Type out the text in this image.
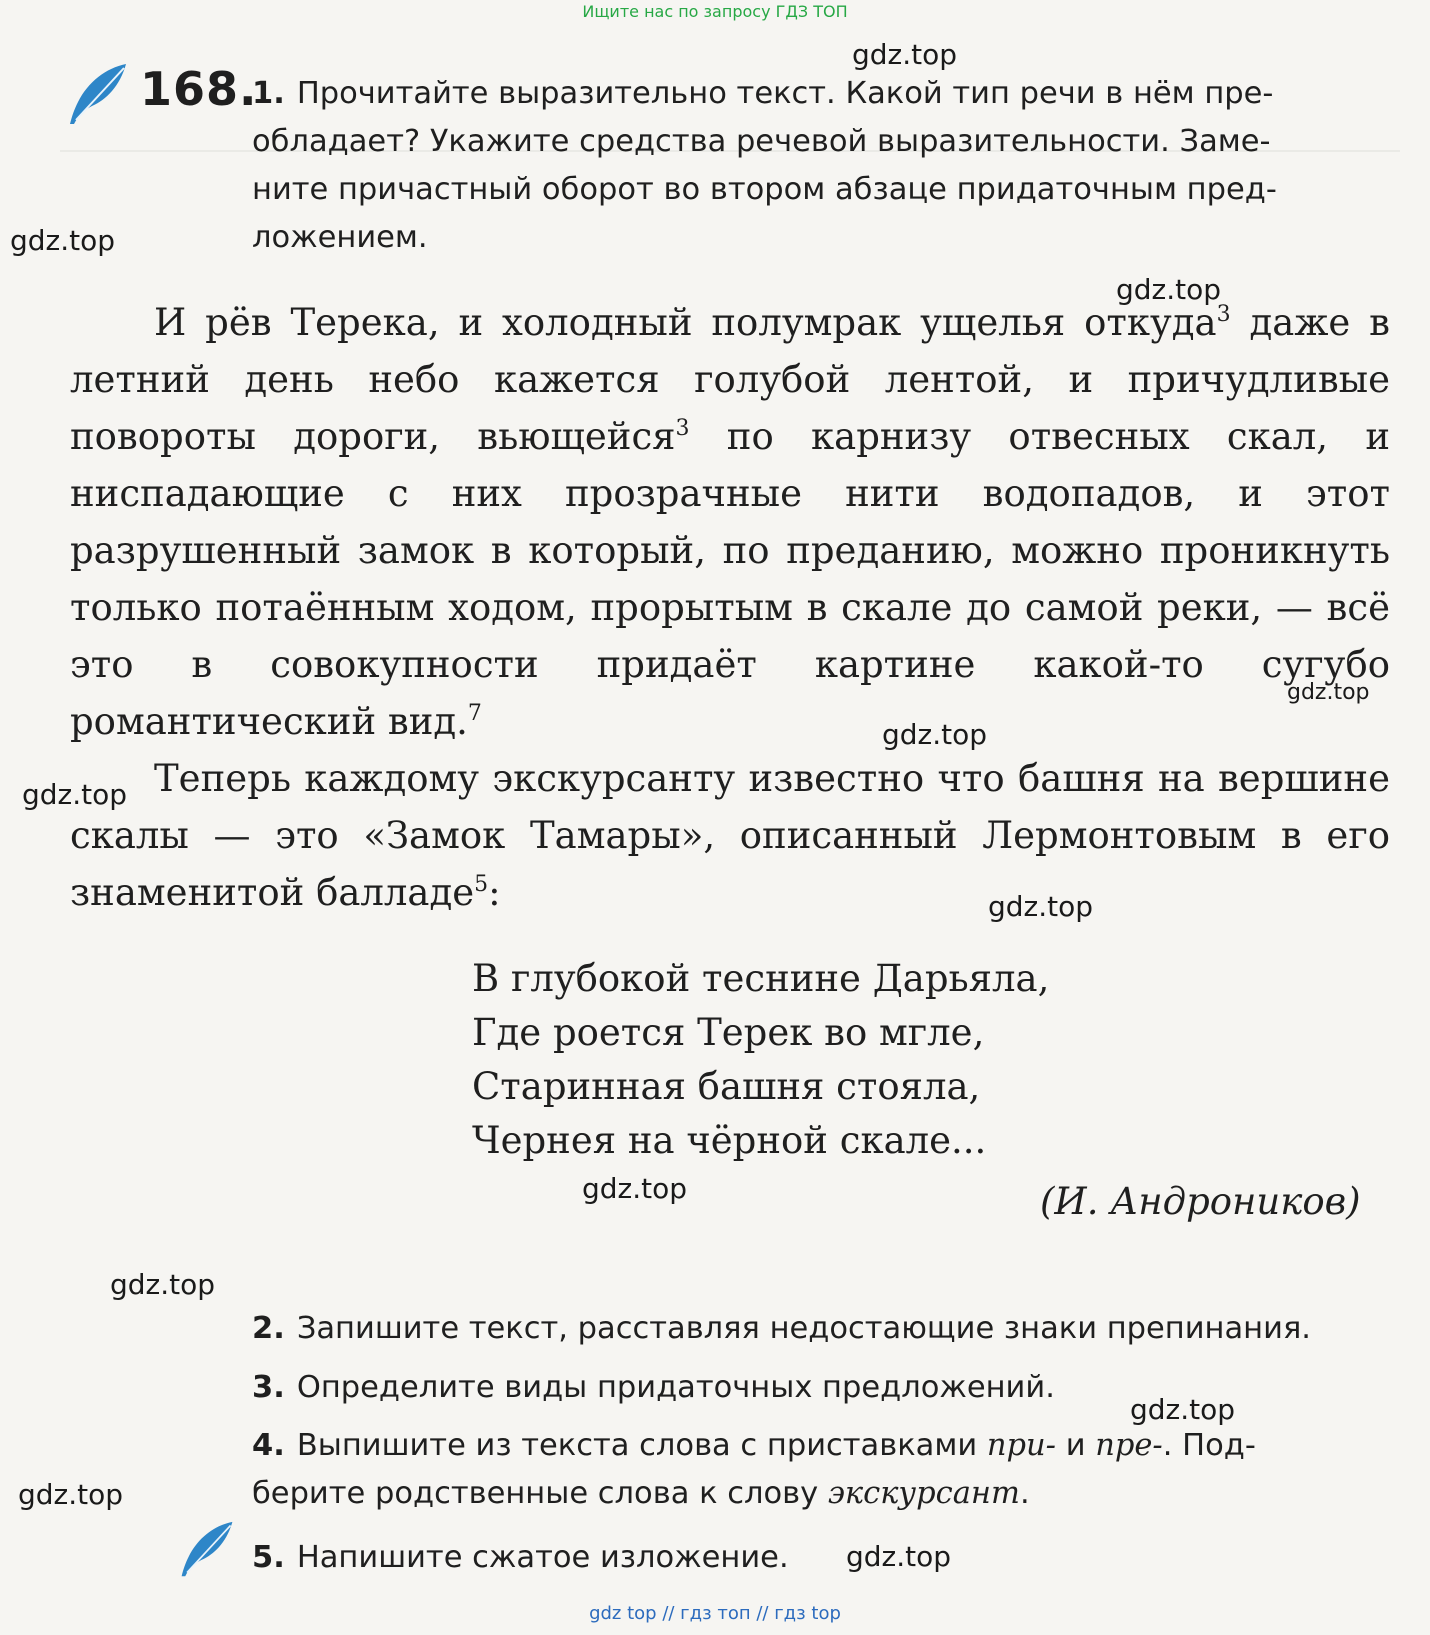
Ищите нас по запросу ГДЗ ТОП
168.
1. Прочитайте выразительно текст. Какой тип речи в нём пре-
обладает? Укажите средства речевой выразительности. Заме-
ните причастный оборот во втором абзаце придаточным пред-
ложением.

И рёв Терека, и холодный полумрак ущелья откуда$^3$ даже в летний день небо кажется голубой лентой, и причудливые повороты дороги, вьющейся$^3$ по карнизу отвесных скал, и ниспадающие с них прозрачные нити водопадов, и этот разрушенный замок в который, по преданию, можно проникнуть только потаённым ходом, прорытым в скале до самой реки, — всё это в совокупности придаёт картине какой-то сугубо романтический вид.$^7$

Теперь каждому экскурсанту известно что башня на вершине скалы — это «Замок Тамары», описанный Лермонтовым в его знаменитой балладе$^5$:

В глубокой теснине Дарьяла,
Где роется Терек во мгле,
Старинная башня стояла,
Чернея на чёрной скале...
(И. Андроников)
2. Запишите текст, расставляя недостающие знаки препинания.
3. Определите виды придаточных предложений.
4. Выпишите из текста слова с приставками при- и пре-. Под-
берите родственные слова к слову экскурсант.
5. Напишите сжатое изложение.
gdz.top
gdz.top
gdz.top
gdz.top
gdz.top
gdz.top
gdz.top
gdz.top
gdz.top
gdz.top
gdz.top
gdz.top
gdz top // гдз топ // гдз top
